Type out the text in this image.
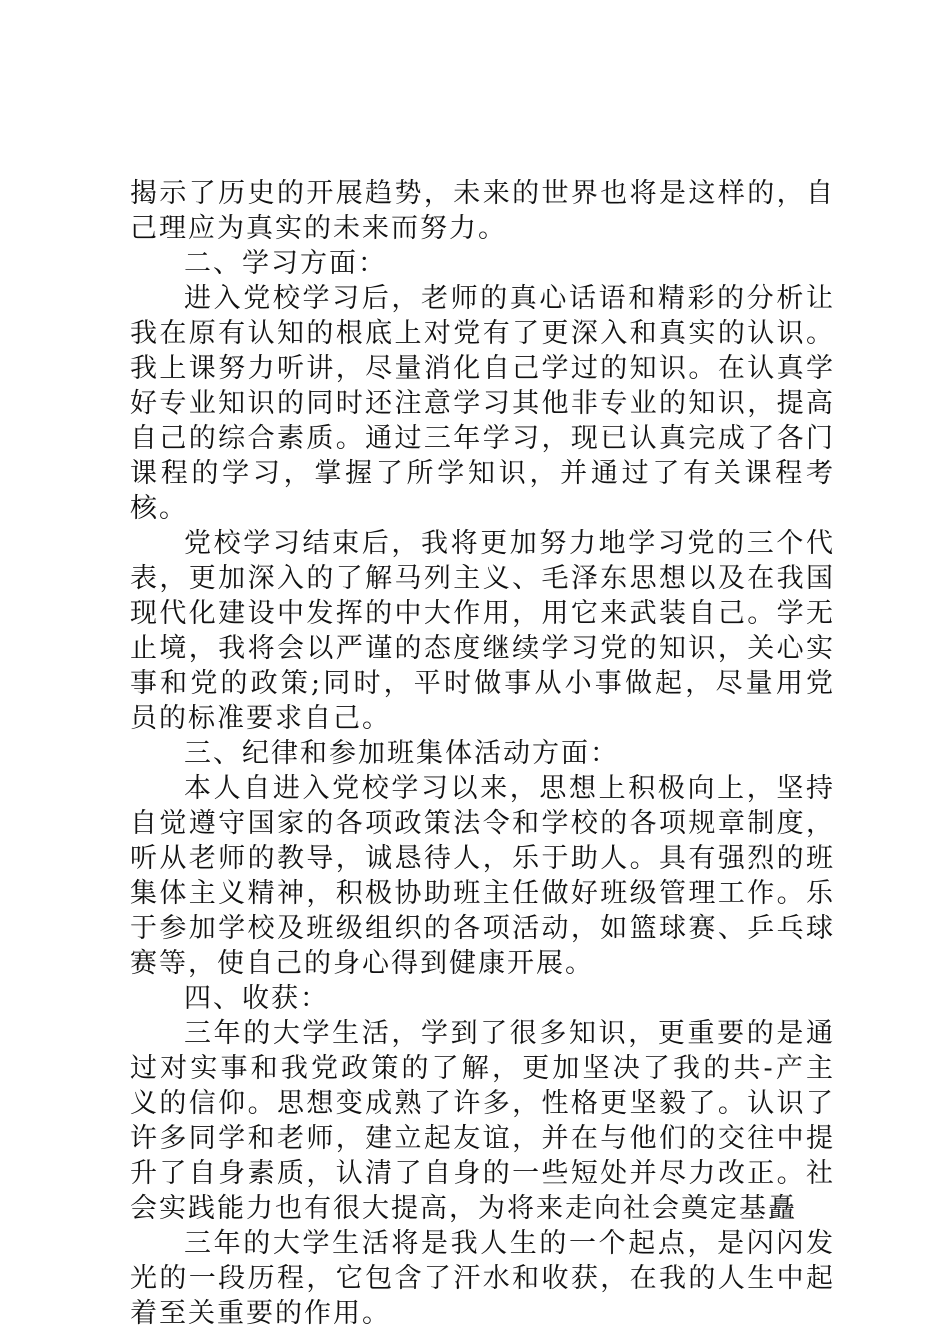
揭示了历史的开展趋势，未来的世界也将是这样的，自己理应为真实的未来而努力。

二、学习方面：

进入党校学习后，老师的真心话语和精彩的分析让我在原有认知的根底上对党有了更深入和真实的认识。我上课努力听讲，尽量消化自己学过的知识。在认真学好专业知识的同时还注意学习其他非专业的知识，提高自己的综合素质。通过三年学习，现已认真完成了各门课程的学习，掌握了所学知识，并通过了有关课程考核。

党校学习结束后，我将更加努力地学习党的三个代表，更加深入的了解马列主义、毛泽东思想以及在我国现代化建设中发挥的中大作用，用它来武装自己。学无止境，我将会以严谨的态度继续学习党的知识，关心实事和党的政策;同时，平时做事从小事做起，尽量用党员的标准要求自己。

三、纪律和参加班集体活动方面：

本人自进入党校学习以来，思想上积极向上，坚持自觉遵守国家的各项政策法令和学校的各项规章制度，听从老师的教导，诚恳待人，乐于助人。具有强烈的班集体主义精神，积极协助班主任做好班级管理工作。乐于参加学校及班级组织的各项活动，如篮球赛、乒乓球赛等，使自己的身心得到健康开展。

四、收获：

三年的大学生活，学到了很多知识，更重要的是通过对实事和我党政策的了解，更加坚决了我的共-产主义的信仰。思想变成熟了许多，性格更坚毅了。认识了许多同学和老师，建立起友谊，并在与他们的交往中提升了自身素质，认清了自身的一些短处并尽力改正。社会实践能力也有很大提高，为将来走向社会奠定基矗

三年的大学生活将是我人生的一个起点，是闪闪发光的一段历程，它包含了汗水和收获，在我的人生中起着至关重要的作用。
